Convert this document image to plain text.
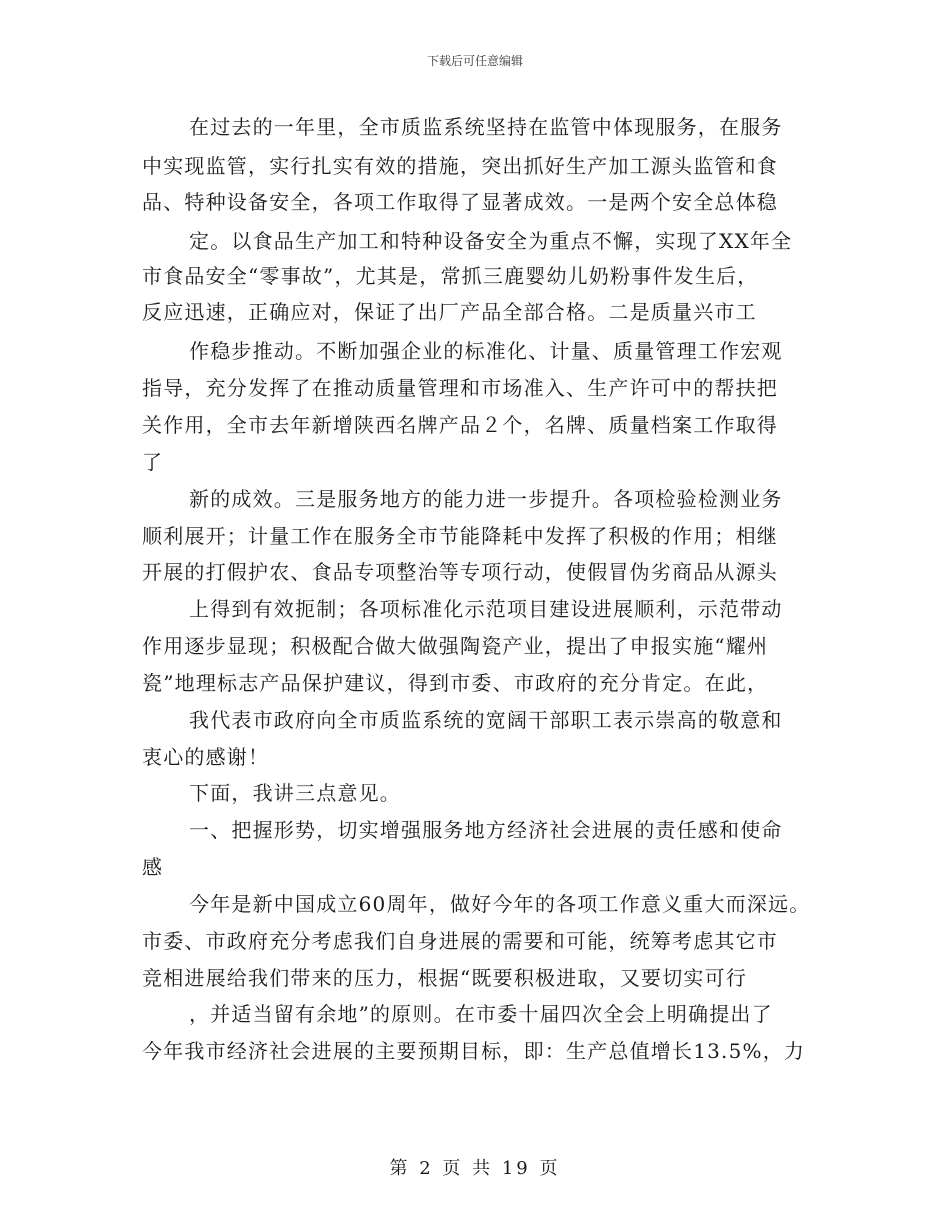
下载后可任意编辑
在过去的一年里，全市质监系统坚持在监管中体现服务，在服务
中实现监管，实行扎实有效的措施，突出抓好生产加工源头监管和食
品、特种设备安全，各项工作取得了显著成效。一是两个安全总体稳
定。以食品生产加工和特种设备安全为重点不懈，实现了XX年全
市食品安全“零事故”，尤其是，常抓三鹿婴幼儿奶粉事件发生后，
反应迅速，正确应对，保证了出厂产品全部合格。二是质量兴市工
作稳步推动。不断加强企业的标准化、计量、质量管理工作宏观
指导，充分发挥了在推动质量管理和市场准入、生产许可中的帮扶把
关作用，全市去年新增陕西名牌产品２个，名牌、质量档案工作取得
了
新的成效。三是服务地方的能力进一步提升。各项检验检测业务
顺利展开；计量工作在服务全市节能降耗中发挥了积极的作用；相继
开展的打假护农、食品专项整治等专项行动，使假冒伪劣商品从源头
上得到有效扼制；各项标准化示范项目建设进展顺利，示范带动
作用逐步显现；积极配合做大做强陶瓷产业，提出了申报实施“耀州
瓷”地理标志产品保护建议，得到市委、市政府的充分肯定。在此，
我代表市政府向全市质监系统的宽阔干部职工表示崇高的敬意和
衷心的感谢！
下面，我讲三点意见。
一、把握形势，切实增强服务地方经济社会进展的责任感和使命
感
今年是新中国成立60周年，做好今年的各项工作意义重大而深远。
市委、市政府充分考虑我们自身进展的需要和可能，统筹考虑其它市
竞相进展给我们带来的压力，根据“既要积极进取，又要切实可行
，并适当留有余地”的原则。在市委十届四次全会上明确提出了
今年我市经济社会进展的主要预期目标，即：生产总值增长13.5%，力
第 2 页 共 19 页
